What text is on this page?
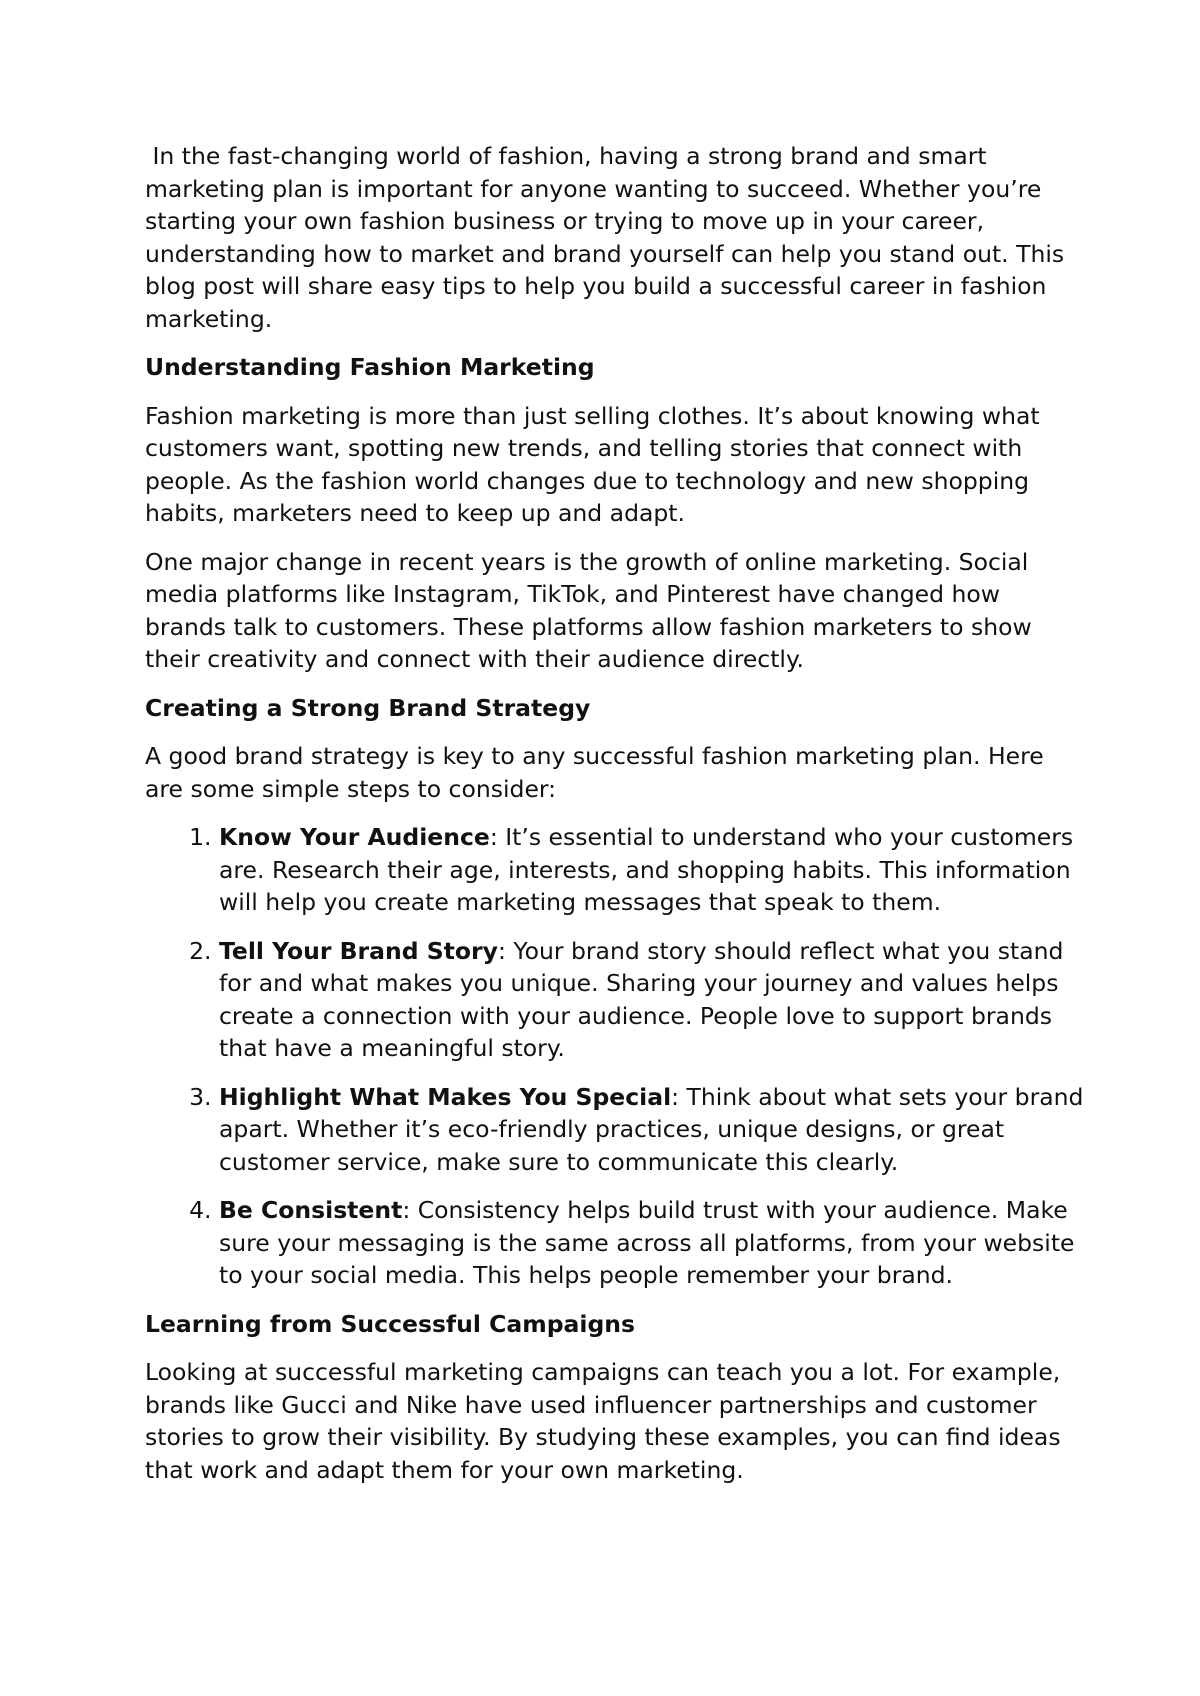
In the fast-changing world of fashion, having a strong brand and smart marketing plan is important for anyone wanting to succeed. Whether you’re starting your own fashion business or trying to move up in your career, understanding how to market and brand yourself can help you stand out. This blog post will share easy tips to help you build a successful career in fashion marketing.

Understanding Fashion Marketing

Fashion marketing is more than just selling clothes. It’s about knowing what customers want, spotting new trends, and telling stories that connect with people. As the fashion world changes due to technology and new shopping habits, marketers need to keep up and adapt.

One major change in recent years is the growth of online marketing. Social media platforms like Instagram, TikTok, and Pinterest have changed how brands talk to customers. These platforms allow fashion marketers to show their creativity and connect with their audience directly.

Creating a Strong Brand Strategy

A good brand strategy is key to any successful fashion marketing plan. Here are some simple steps to consider:

1. Know Your Audience: It’s essential to understand who your customers are. Research their age, interests, and shopping habits. This information will help you create marketing messages that speak to them.
2. Tell Your Brand Story: Your brand story should reflect what you stand for and what makes you unique. Sharing your journey and values helps create a connection with your audience. People love to support brands that have a meaningful story.
3. Highlight What Makes You Special: Think about what sets your brand apart. Whether it’s eco-friendly practices, unique designs, or great customer service, make sure to communicate this clearly.
4. Be Consistent: Consistency helps build trust with your audience. Make sure your messaging is the same across all platforms, from your website to your social media. This helps people remember your brand.
Learning from Successful Campaigns

Looking at successful marketing campaigns can teach you a lot. For example, brands like Gucci and Nike have used influencer partnerships and customer stories to grow their visibility. By studying these examples, you can find ideas that work and adapt them for your own marketing.
